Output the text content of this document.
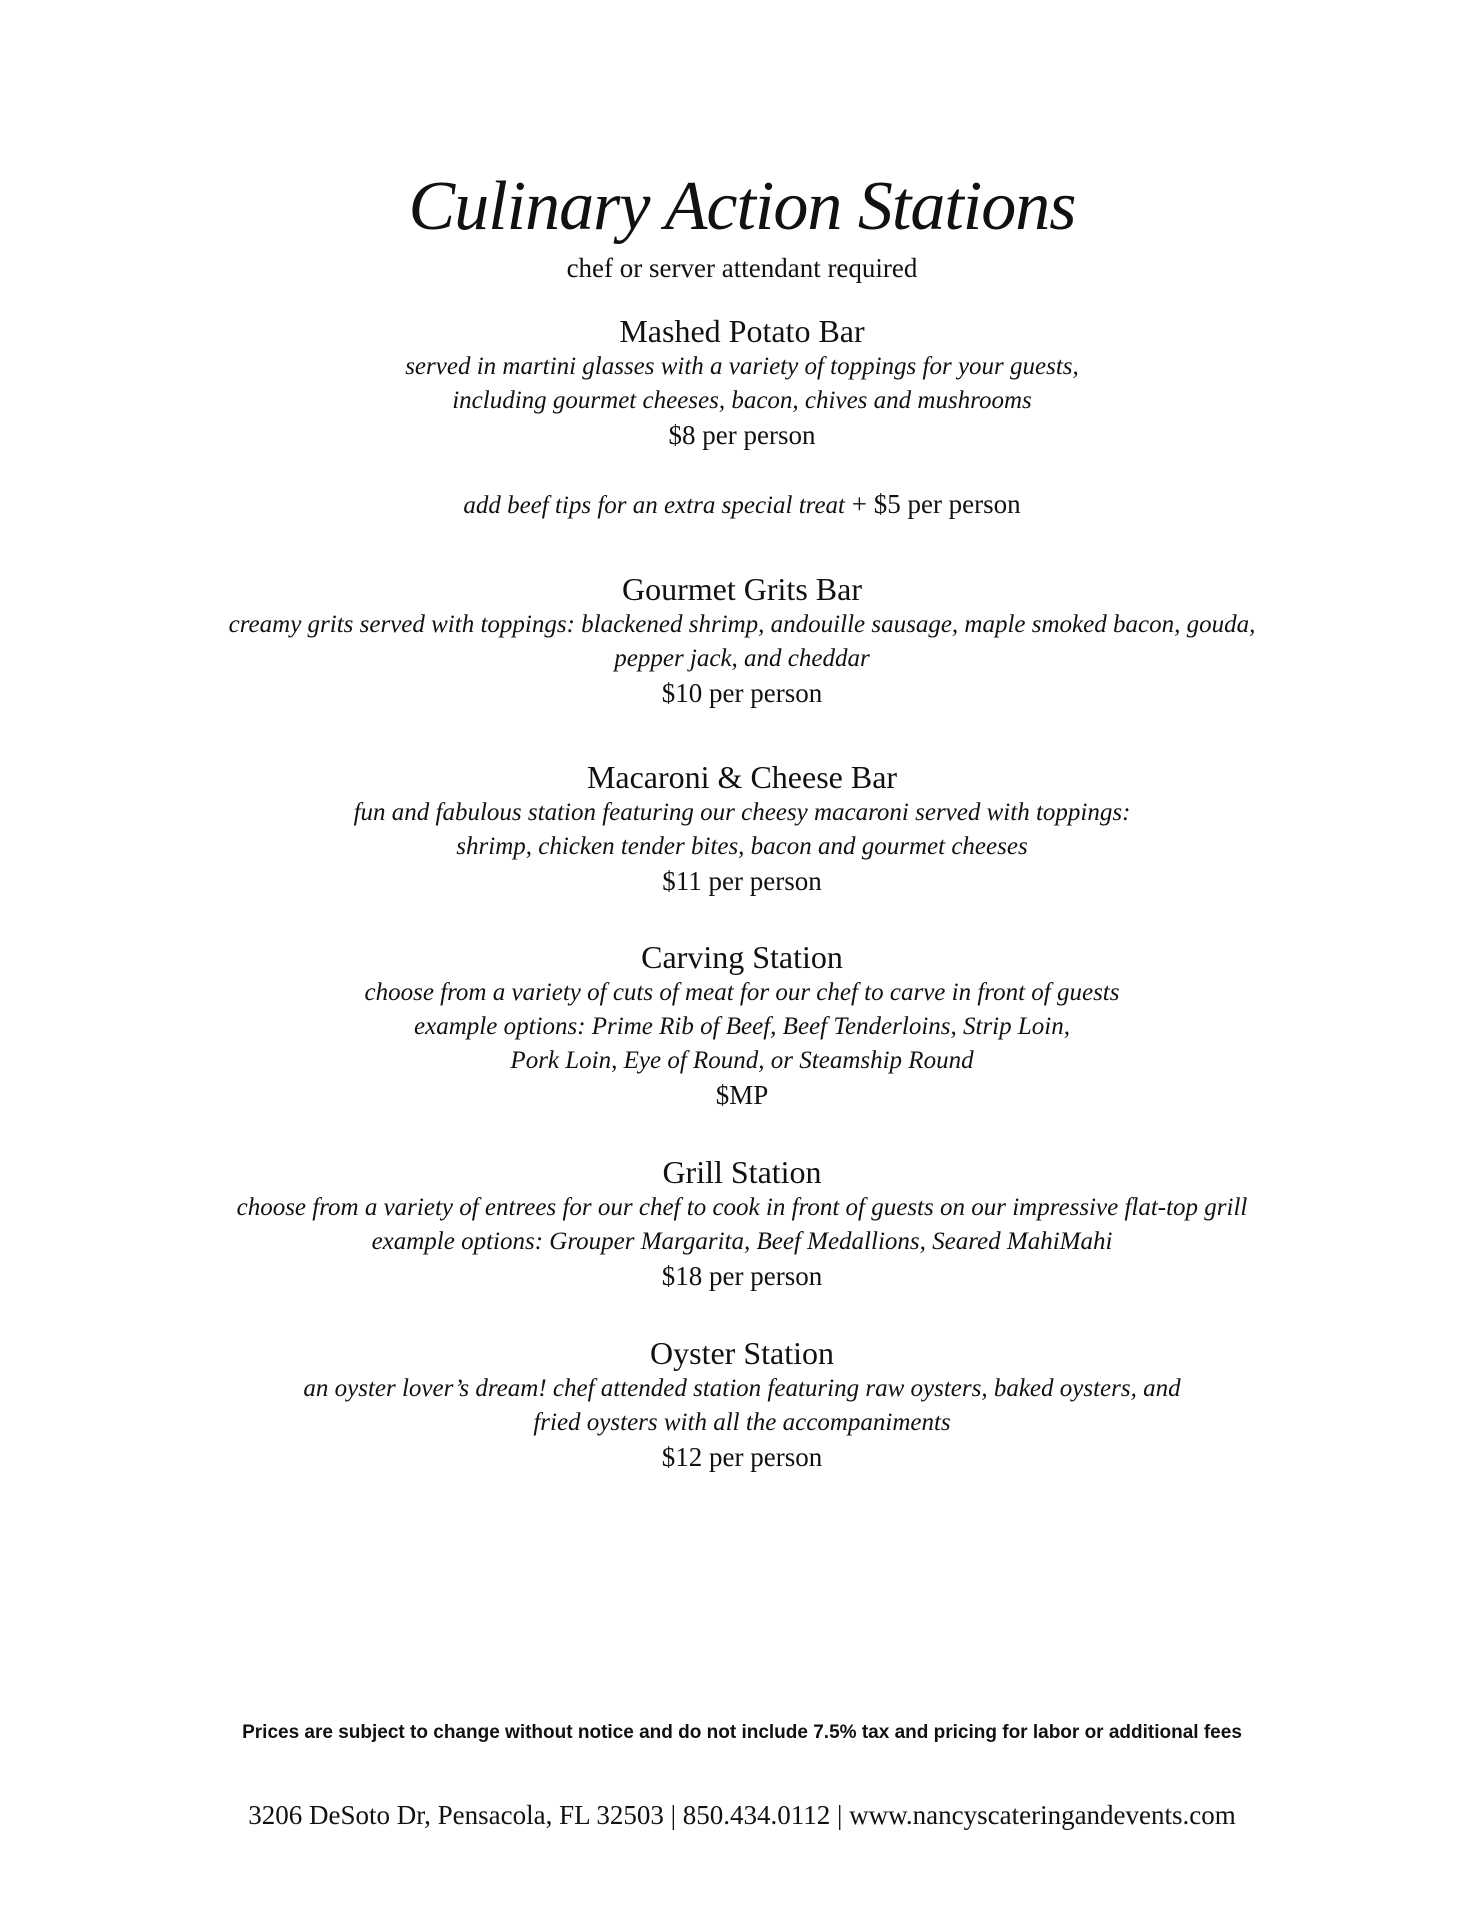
Culinary Action Stations
chef or server attendant required
Mashed Potato Bar

served in martini glasses with a variety of toppings for your guests,

including gourmet cheeses, bacon, chives and mushrooms

$8 per person

add beef tips for an extra special treat + $5 per person

Gourmet Grits Bar

creamy grits served with toppings: blackened shrimp, andouille sausage, maple smoked bacon, gouda,

pepper jack, and cheddar

$10 per person

Macaroni & Cheese Bar

fun and fabulous station featuring our cheesy macaroni served with toppings:

shrimp, chicken tender bites, bacon and gourmet cheeses

$11 per person

Carving Station

choose from a variety of cuts of meat for our chef to carve in front of guests

example options: Prime Rib of Beef, Beef Tenderloins, Strip Loin,

Pork Loin, Eye of Round, or Steamship Round

$MP

Grill Station

choose from a variety of entrees for our chef to cook in front of guests on our impressive flat-top grill

example options: Grouper Margarita, Beef Medallions, Seared MahiMahi

$18 per person

Oyster Station

an oyster lover’s dream! chef attended station featuring raw oysters, baked oysters, and

fried oysters with all the accompaniments

$12 per person

Prices are subject to change without notice and do not include 7.5% tax and pricing for labor or additional fees
3206 DeSoto Dr, Pensacola, FL 32503 | 850.434.0112 | www.nancyscateringandevents.com
